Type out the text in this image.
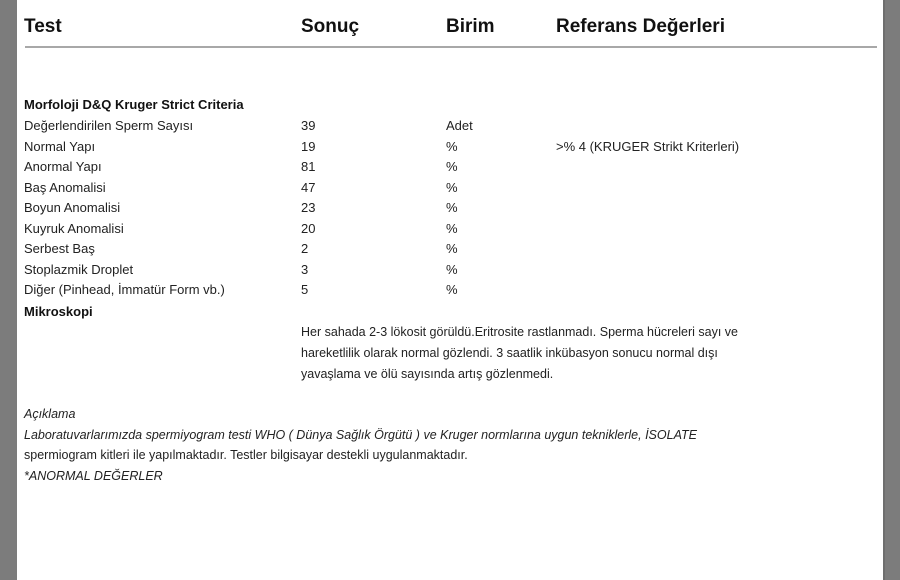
Test	Sonuç	Birim	Referans Değerleri
Morfoloji D&Q Kruger Strict Criteria
Değerlendirilen Sperm Sayısı	39	Adet
Normal Yapı	19	%	>% 4 (KRUGER Strikt Kriterleri)
Anormal Yapı	81	%
Baş Anomalisi	47	%
Boyun Anomalisi	23	%
Kuyruk Anomalisi	20	%
Serbest Baş	2	%
Stoplazmik Droplet	3	%
Diğer (Pinhead, İmmatür Form vb.)	5	%
Mikroskopi
Her sahada 2-3 lökosit görüldü.Eritrosite rastlanmadı. Sperma hücreleri sayı ve
hareketlilik olarak normal gözlendi. 3 saatlik inkübasyon sonucu normal dışı
yavaşlama ve ölü sayısında artış gözlenmedi.
Açıklama
Laboratuvarlarımızda spermiyogram testi WHO ( Dünya Sağlık Örgütü ) ve Kruger normlarına uygun tekniklerle, İSOLATE
spermiogram kitleri ile yapılmaktadır. Testler bilgisayar destekli uygulanmaktadır.
*ANORMAL DEĞERLER
